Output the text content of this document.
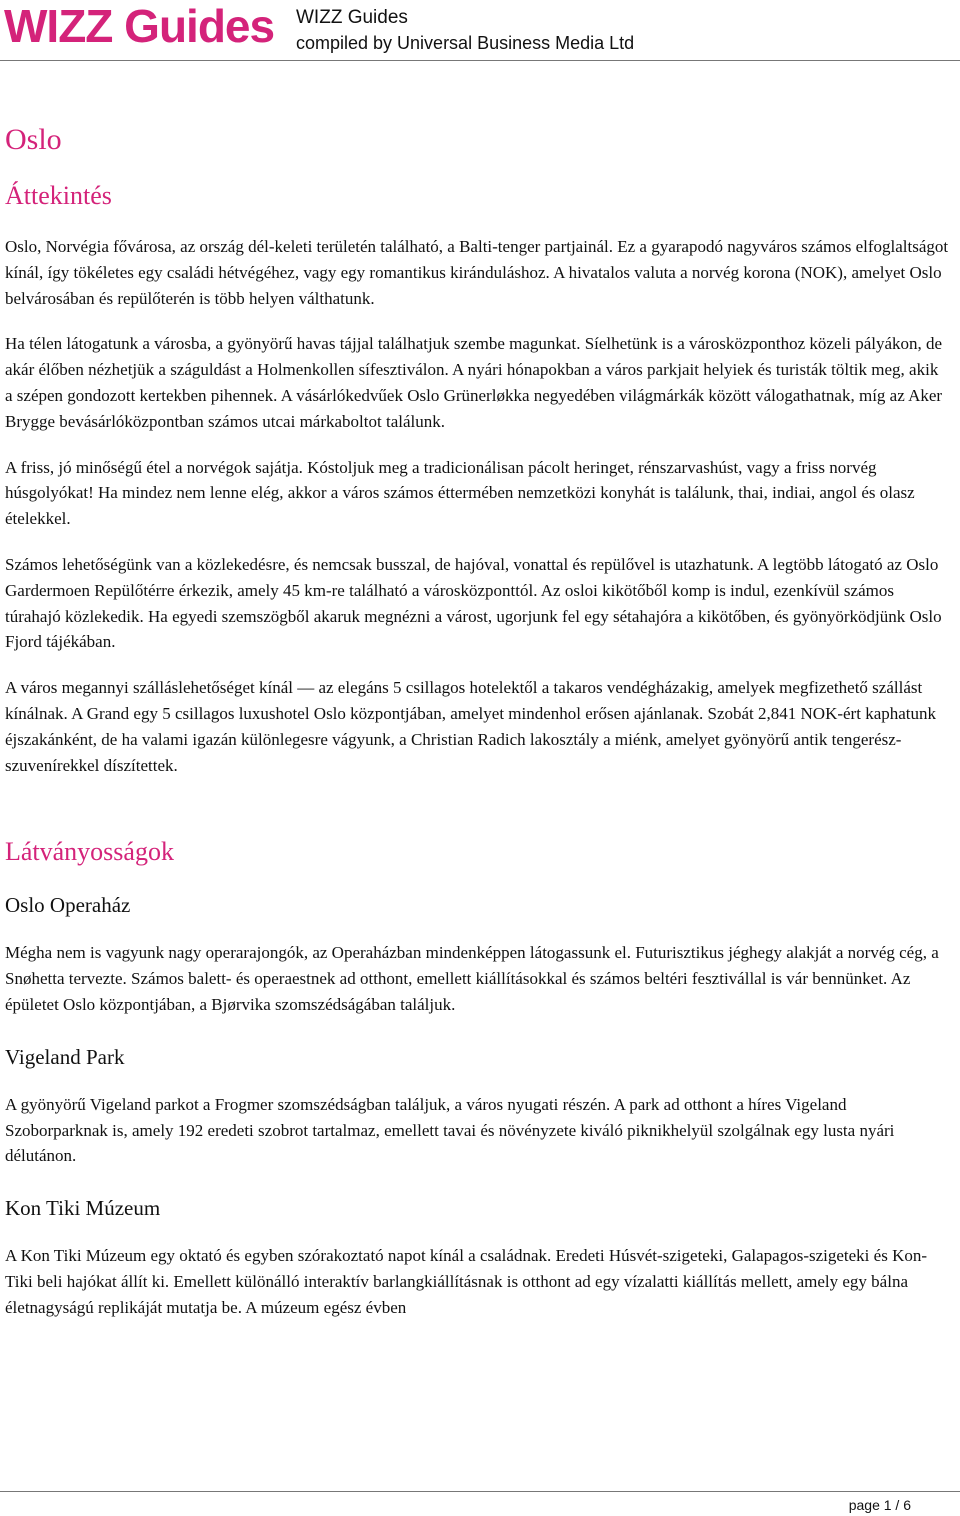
WIZZ Guides WIZZ Guides
compiled by Universal Business Media Ltd
Oslo
Áttekintés

Oslo, Norvégia fővárosa, az ország dél-keleti területén található, a Balti-tenger partjainál. Ez a gyarapodó nagyváros számos elfoglaltságot kínál, így tökéletes egy családi hétvégéhez, vagy egy romantikus kiránduláshoz. A hivatalos valuta a norvég korona (NOK), amelyet Oslo belvárosában és repülőterén is több helyen válthatunk.

Ha télen látogatunk a városba, a gyönyörű havas tájjal találhatjuk szembe magunkat. Síelhetünk is a városközponthoz közeli pályákon, de akár élőben nézhetjük a száguldást a Holmenkollen sífesztiválon. A nyári hónapokban a város parkjait helyiek és turisták töltik meg, akik a szépen gondozott kertekben pihennek. A vásárlókedvűek Oslo Grünerløkka negyedében világmárkák között válogathatnak, míg az Aker Brygge bevásárlóközpontban számos utcai márkaboltot találunk.

A friss, jó minőségű étel a norvégok sajátja. Kóstoljuk meg a tradicionálisan pácolt heringet, rénszarvashúst, vagy a friss norvég húsgolyókat! Ha mindez nem lenne elég, akkor a város számos éttermében nemzetközi konyhát is találunk, thai, indiai, angol és olasz ételekkel.

Számos lehetőségünk van a közlekedésre, és nemcsak busszal, de hajóval, vonattal és repülővel is utazhatunk. A legtöbb látogató az Oslo Gardermoen Repülőtérre érkezik, amely 45 km-re található a városközponttól. Az osloi kikötőből komp is indul, ezenkívül számos túrahajó közlekedik. Ha egyedi szemszögből akaruk megnézni a várost, ugorjunk fel egy sétahajóra a kikötőben, és gyönyörködjünk Oslo Fjord tájékában.

A város megannyi szálláslehetőséget kínál — az elegáns 5 csillagos hotelektől a takaros vendégházakig, amelyek megfizethető szállást kínálnak. A Grand egy 5 csillagos luxushotel Oslo központjában, amelyet mindenhol erősen ajánlanak. Szobát 2,841 NOK-ért kaphatunk éjszakánként, de ha valami igazán különlegesre vágyunk, a Christian Radich lakosztály a miénk, amelyet gyönyörű antik tengerész-szuvenírekkel díszítettek.

Látványosságok
Oslo Operaház

Mégha nem is vagyunk nagy operarajongók, az Operaházban mindenképpen látogassunk el. Futurisztikus jéghegy alakját a norvég cég, a Snøhetta tervezte. Számos balett- és operaestnek ad otthont, emellett kiállításokkal és számos beltéri fesztivállal is vár bennünket. Az épületet Oslo központjában, a Bjørvika szomszédságában találjuk.

Vigeland Park

A gyönyörű Vigeland parkot a Frogmer szomszédságban találjuk, a város nyugati részén. A park ad otthont a híres Vigeland Szoborparknak is, amely 192 eredeti szobrot tartalmaz, emellett tavai és növényzete kiváló piknikhelyül szolgálnak egy lusta nyári délutánon.

Kon Tiki Múzeum

A Kon Tiki Múzeum egy oktató és egyben szórakoztató napot kínál a családnak. Eredeti Húsvét-szigeteki, Galapagos-szigeteki és Kon-Tiki beli hajókat állít ki. Emellett különálló interaktív barlangkiállításnak is otthont ad egy vízalatti kiállítás mellett, amely egy bálna életnagyságú replikáját mutatja be. A múzeum egész évben

page 1 / 6
